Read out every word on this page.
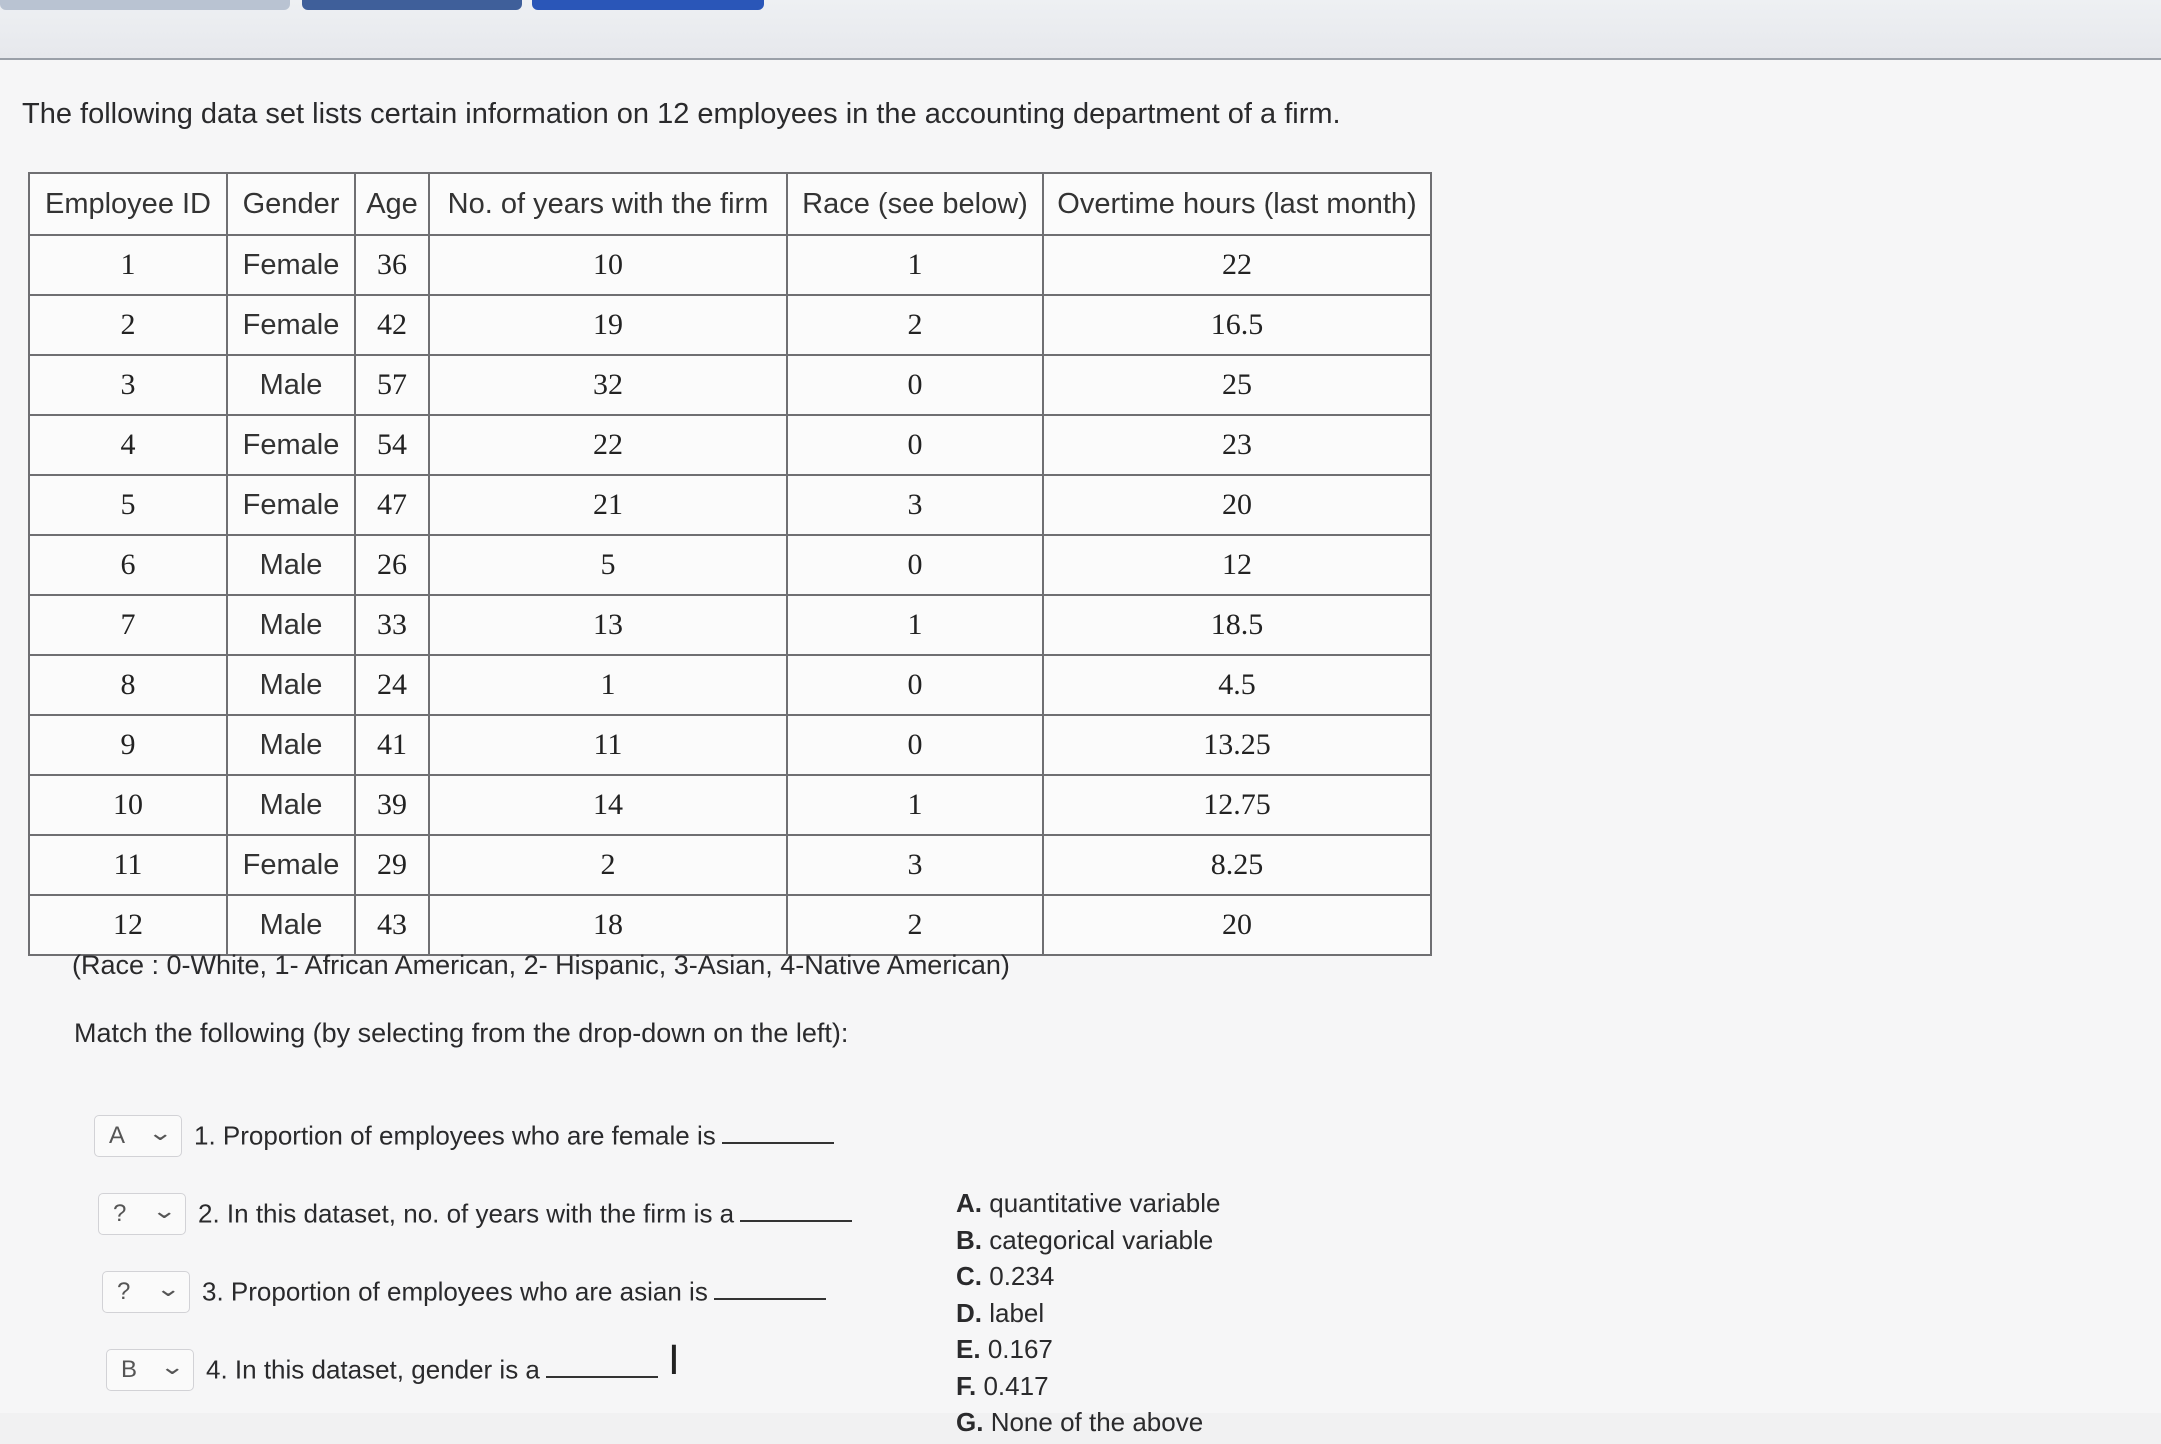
The following data set lists certain information on 12 employees in the accounting department of a firm.
Employee ID	Gender	Age	No. of years with the firm	Race (see below)	Overtime hours (last month)
1	Female	36	10	1	22
2	Female	42	19	2	16.5
3	Male	57	32	0	25
4	Female	54	22	0	23
5	Female	47	21	3	20
6	Male	26	5	0	12
7	Male	33	13	1	18.5
8	Male	24	1	0	4.5
9	Male	41	11	0	13.25
10	Male	39	14	1	12.75
11	Female	29	2	3	8.25
12	Male	43	18	2	20
(Race : 0-White, 1- African American, 2- Hispanic, 3-Asian, 4-Native American)
Match the following (by selecting from the drop-down on the left):
A ⌄ 1. Proportion of employees who are female is
? ⌄ 2. In this dataset, no. of years with the firm is a
? ⌄ 3. Proportion of employees who are asian is
B ⌄ 4. In this dataset, gender is a
A. quantitative variable
B. categorical variable
C. 0.234
D. label
E. 0.167
F. 0.417
G. None of the above
I
